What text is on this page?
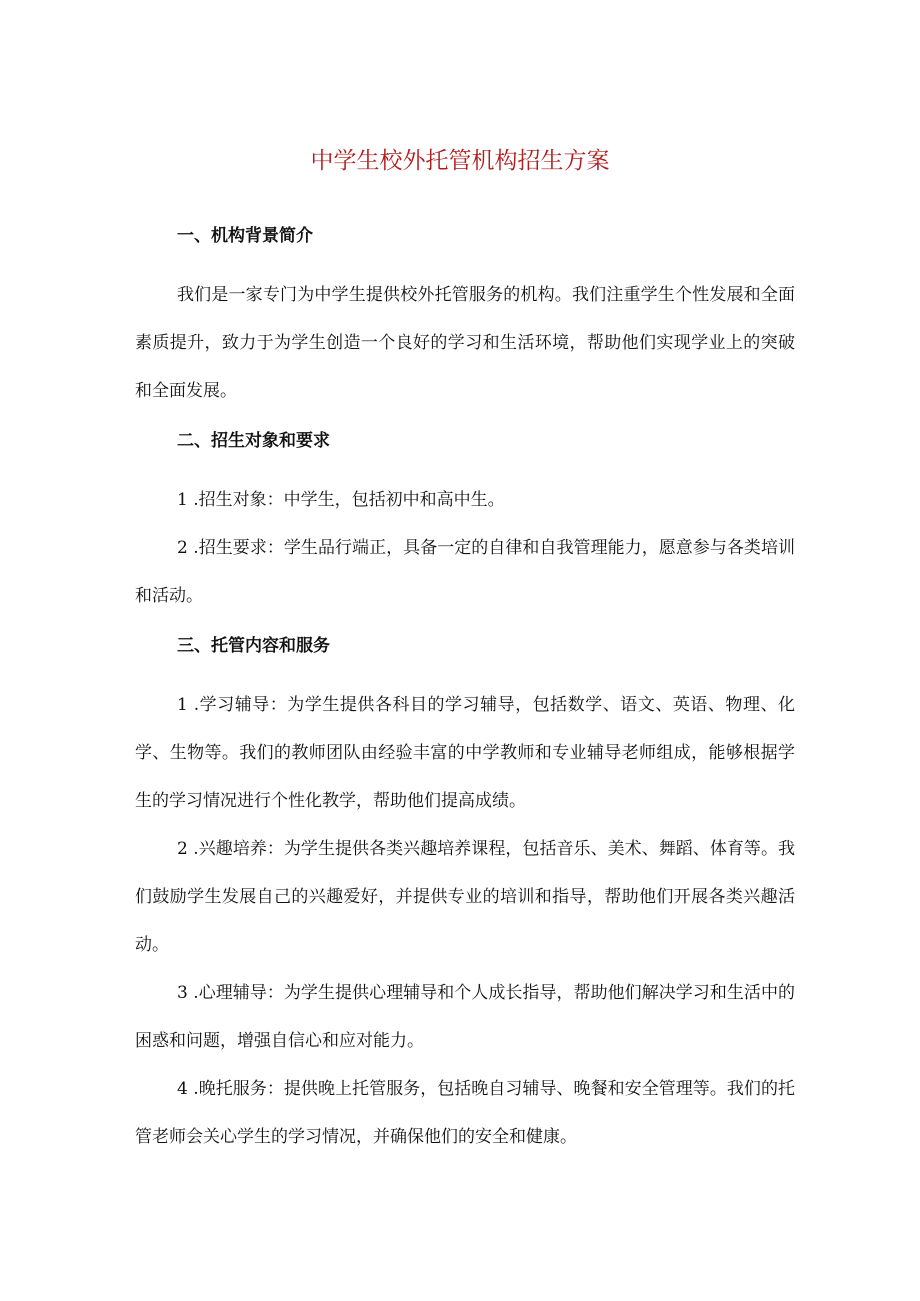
中学生校外托管机构招生方案
一、机构背景简介

我们是一家专门为中学生提供校外托管服务的机构。我们注重学生个性发展和全面素质提升，致力于为学生创造一个良好的学习和生活环境，帮助他们实现学业上的突破和全面发展。

二、招生对象和要求

1 .招生对象：中学生，包括初中和高中生。

2 .招生要求：学生品行端正，具备一定的自律和自我管理能力，愿意参与各类培训和活动。

三、托管内容和服务

1 .学习辅导：为学生提供各科目的学习辅导，包括数学、语文、英语、物理、化学、生物等。我们的教师团队由经验丰富的中学教师和专业辅导老师组成，能够根据学生的学习情况进行个性化教学，帮助他们提高成绩。

2 .兴趣培养：为学生提供各类兴趣培养课程，包括音乐、美术、舞蹈、体育等。我们鼓励学生发展自己的兴趣爱好，并提供专业的培训和指导，帮助他们开展各类兴趣活动。

3 .心理辅导：为学生提供心理辅导和个人成长指导，帮助他们解决学习和生活中的困惑和问题，增强自信心和应对能力。

4 .晚托服务：提供晚上托管服务，包括晚自习辅导、晚餐和安全管理等。我们的托管老师会关心学生的学习情况，并确保他们的安全和健康。
